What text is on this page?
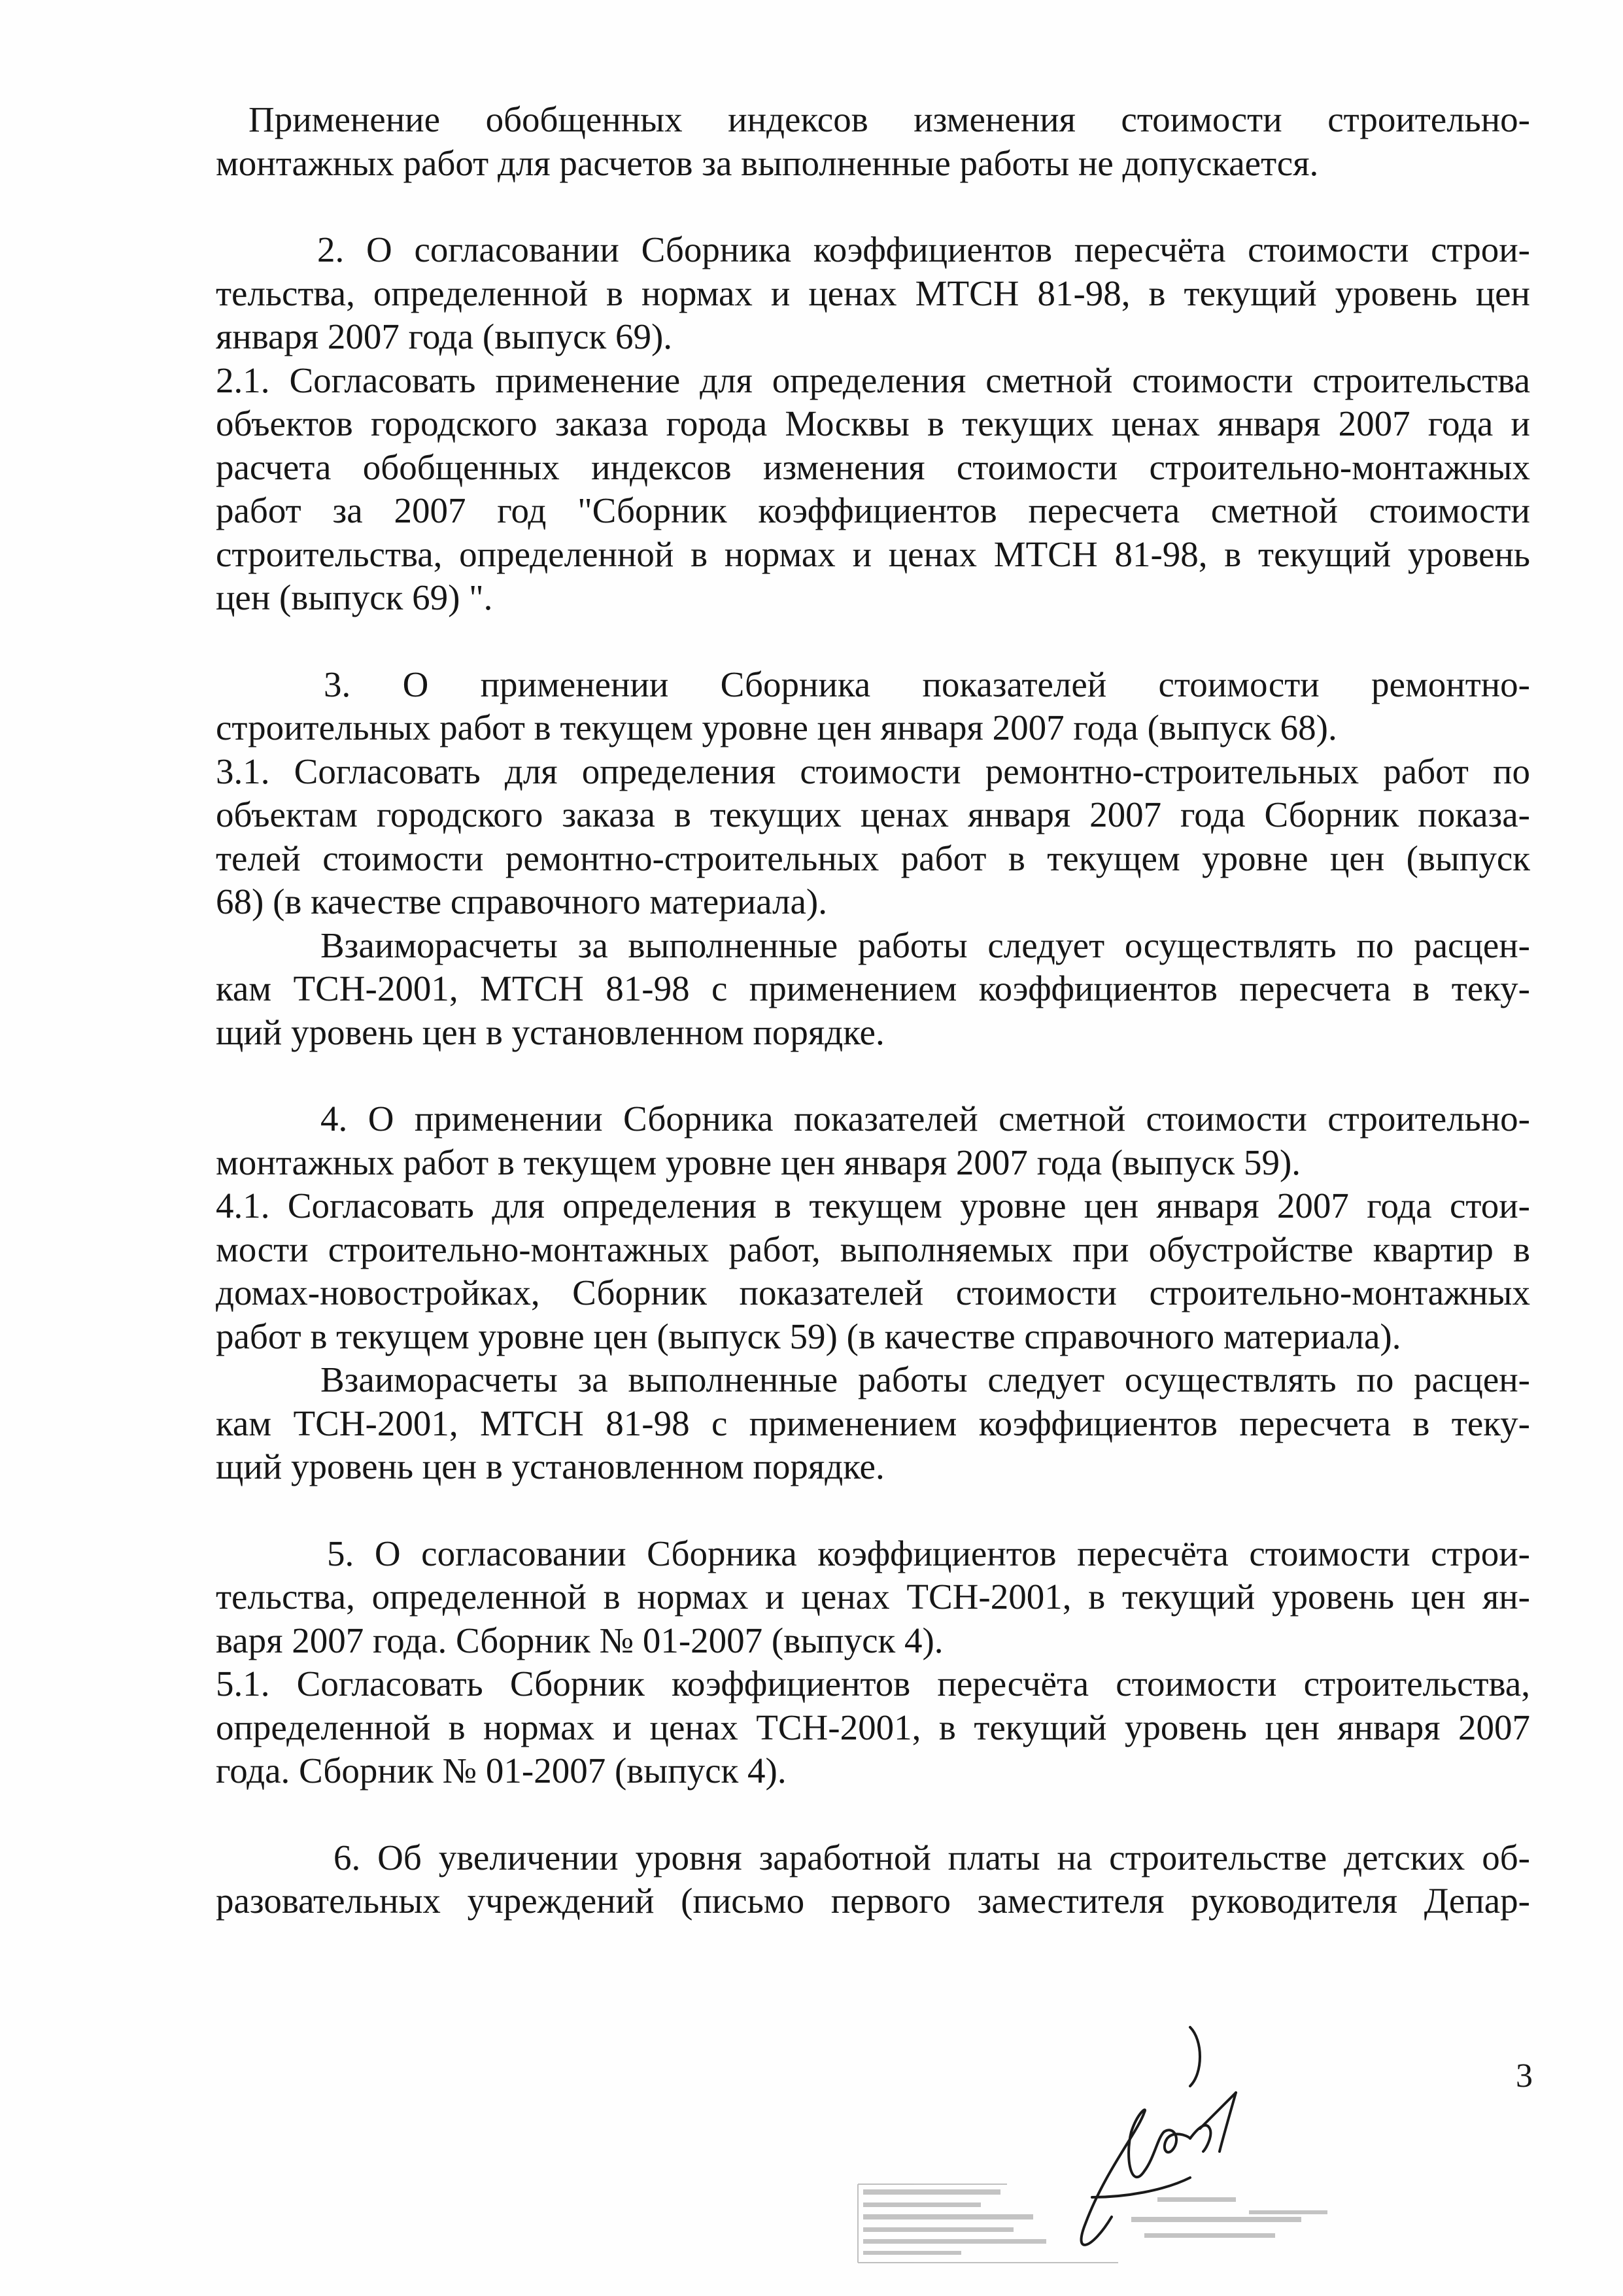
Применение обобщенных индексов изменения стоимости строительно-
монтажных работ для расчетов за выполненные работы не допускается.
2. О согласовании Сборника коэффициентов пересчёта стоимости строи-
тельства, определенной в нормах и ценах МТСН 81-98, в текущий уровень цен
января 2007 года (выпуск 69).
2.1. Согласовать применение для определения сметной стоимости строительства
объектов городского заказа города Москвы в текущих ценах января 2007 года и
расчета обобщенных индексов изменения стоимости строительно-монтажных
работ за 2007 год "Сборник коэффициентов пересчета сметной стоимости
строительства, определенной в нормах и ценах МТСН 81-98, в текущий уровень
цен (выпуск 69) ".
3. О применении Сборника показателей стоимости ремонтно-
строительных работ в текущем уровне цен января 2007 года (выпуск 68).
3.1. Согласовать для определения стоимости ремонтно-строительных работ по
объектам городского заказа в текущих ценах января 2007 года Сборник показа-
телей стоимости ремонтно-строительных работ в текущем уровне цен (выпуск
68) (в качестве справочного материала).
Взаиморасчеты за выполненные работы следует осуществлять по расцен-
кам ТСН-2001, МТСН 81-98 с применением коэффициентов пересчета в теку-
щий уровень цен в установленном порядке.
4. О применении Сборника показателей сметной стоимости строительно-
монтажных работ в текущем уровне цен января 2007 года (выпуск 59).
4.1. Согласовать для определения в текущем уровне цен января 2007 года стои-
мости строительно-монтажных работ, выполняемых при обустройстве квартир в
домах-новостройках, Сборник показателей стоимости строительно-монтажных
работ в текущем уровне цен (выпуск 59) (в качестве справочного материала).
Взаиморасчеты за выполненные работы следует осуществлять по расцен-
кам ТСН-2001, МТСН 81-98 с применением коэффициентов пересчета в теку-
щий уровень цен в установленном порядке.
5. О согласовании Сборника коэффициентов пересчёта стоимости строи-
тельства, определенной в нормах и ценах ТСН-2001, в текущий уровень цен ян-
варя 2007 года. Сборник № 01-2007 (выпуск 4).
5.1. Согласовать Сборник коэффициентов пересчёта стоимости строительства,
определенной в нормах и ценах ТСН-2001, в текущий уровень цен января 2007
года. Сборник № 01-2007 (выпуск 4).
6. Об увеличении уровня заработной платы на строительстве детских об-
разовательных учреждений (письмо первого заместителя руководителя Депар-
3
